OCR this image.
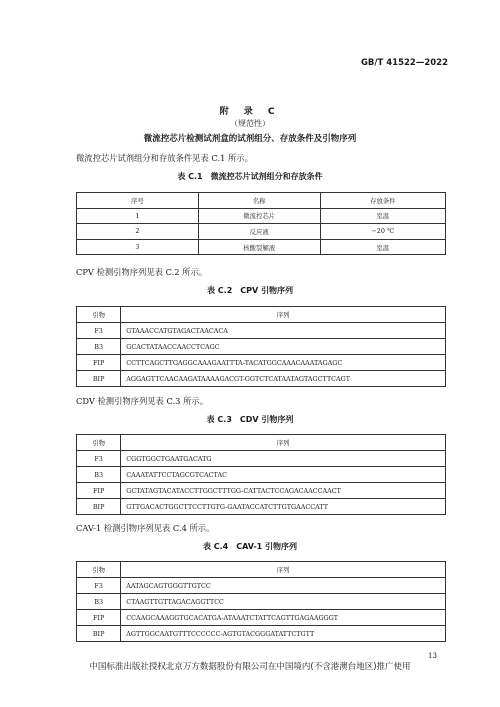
GB/T 41522—2022
附 录 C
（规范性）
微流控芯片检测试剂盒的试剂组分、存放条件及引物序列
微流控芯片试剂组分和存放条件见表 C.1 所示。
表 C.1　微流控芯片试剂组分和存放条件
序号	名称	存放条件
1	微流控芯片	室温
2	反应液	−20 ℃
3	核酸裂解液	室温
CPV 检测引物序列见表 C.2 所示。
表 C.2　CPV 引物序列
引物	序列
F3	GTAAACCATGTAGACTAACACA
B3	GCACTATAACCAACCTCAGC
FIP	CCTTCAGCTTGAGGCAAAGAATTTA-TACATGGCAAACAAATAGAGC
BIP	AGGAGTTCAACAAGATAAAAGACGT-GGTCTCATAATAGTAGCTTCAGT
CDV 检测引物序列见表 C.3 所示。
表 C.3　CDV 引物序列
引物	序列
F3	CGGTGGCTGAATGACATG
B3	CAAATATTCCTAGCGTCACTAC
FIP	GCTATAGTACATACCTTGGCTTTGG-CATTACTCCAGACAACCAACT
BIP	GTTGACACTGGCTTCCTTGTG-GAATACCATCTTGTGAACCATT
CAV-1 检测引物序列见表 C.4 所示。
表 C.4　CAV-1 引物序列
引物	序列
F3	AATAGCAGTGGGTTGTCC
B3	CTAAGTTGTTAGACAGGTTCC
FIP	CCAAGCAAAGGTGCACATGA-ATAAATCTATTCAGTTGAGAAGGGT
BIP	AGTTGGCAATGTTTCCCCCC-AGTGTACGGGATATTCTGTT
13
中国标准出版社授权北京万方数据股份有限公司在中国境内(不含港澳台地区)推广使用
